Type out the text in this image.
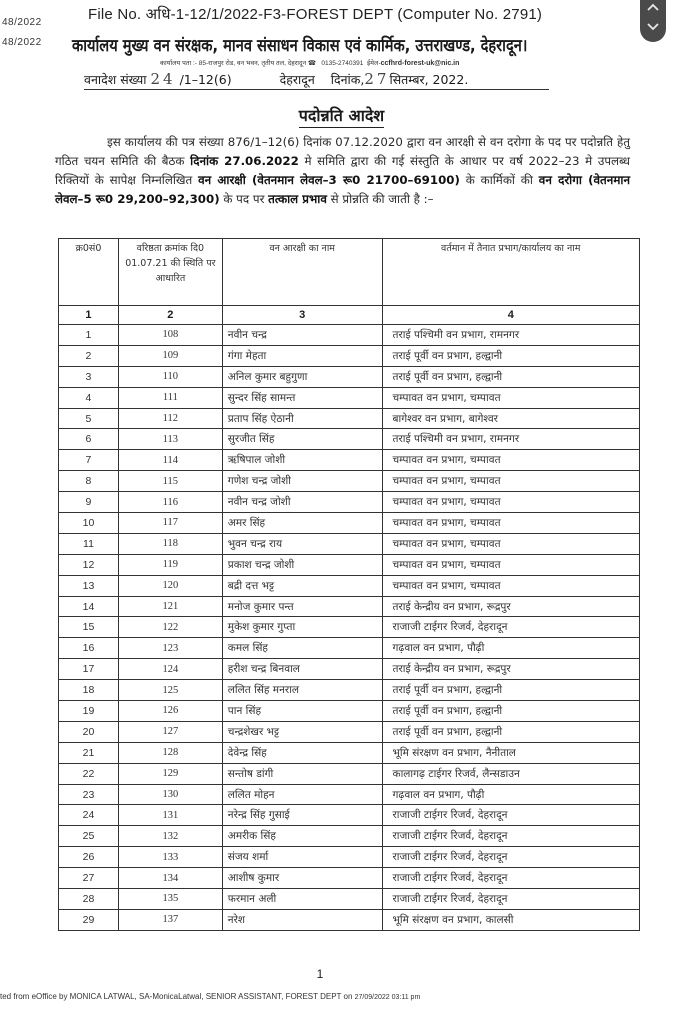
48/2022
48/2022
File No. अधि-1-12/1/2022-F3-FOREST DEPT (Computer No. 2791)
कार्यालय मुख्य वन संरक्षक, मानव संसाधन विकास एवं कार्मिक, उत्तराखण्ड, देहरादून।
कार्यालय पता :- 85-राजपुर रोड, वन भवन, तृतीय तल, देहरादून ☎ 0135-2740391 ईमेल-ccfhrd-forest-uk@nic.in
वनादेश संख्या 24 /1–12(6)	देहरादून दिनांक,27सितम्बर, 2022.
पदोन्नति आदेश
इस कार्यालय की पत्र संख्या 876/1–12(6) दिनांक 07.12.2020 द्वारा वन आरक्षी से वन दरोगा के पद पर पदोन्नति हेतु गठित चयन समिति की बैठक दिनांक 27.06.2022 मे समिति द्वारा की गई संस्तुति के आधार पर वर्ष 2022–23 मे उपलब्ध रिक्तियों के सापेक्ष निम्नलिखित वन आरक्षी (वेतनमान लेवल–3 रू0 21700–69100) के कार्मिकों की वन दरोगा (वेतनमान लेवल–5 रू0 29,200–92,300) के पद पर तत्काल प्रभाव से प्रोन्नति की जाती है :–
क्र0सं0	वरिष्ठता क्रमांक दि0 01.07.21 की स्थिति पर आधारित	वन आरक्षी का नाम	वर्तमान में तैनात प्रभाग/कार्यालय का नाम
1	2	3	4
1	108	नवीन चन्द्र	तराई पश्चिमी वन प्रभाग, रामनगर
2	109	गंगा मेहता	तराई पूर्वी वन प्रभाग, हल्द्वानी
3	110	अनिल कुमार बहुगुणा	तराई पूर्वी वन प्रभाग, हल्द्वानी
4	111	सुन्दर सिंह सामन्त	चम्पावत वन प्रभाग, चम्पावत
5	112	प्रताप सिंह ऐठानी	बागेश्वर वन प्रभाग, बागेश्वर
6	113	सुरजीत सिंह	तराई पश्चिमी वन प्रभाग, रामनगर
7	114	ऋषिपाल जोशी	चम्पावत वन प्रभाग, चम्पावत
8	115	गणेश चन्द्र जोशी	चम्पावत वन प्रभाग, चम्पावत
9	116	नवीन चन्द्र जोशी	चम्पावत वन प्रभाग, चम्पावत
10	117	अमर सिंह	चम्पावत वन प्रभाग, चम्पावत
11	118	भुवन चन्द्र राय	चम्पावत वन प्रभाग, चम्पावत
12	119	प्रकाश चन्द्र जोशी	चम्पावत वन प्रभाग, चम्पावत
13	120	बद्री दत्त भट्ट	चम्पावत वन प्रभाग, चम्पावत
14	121	मनोज कुमार पन्त	तराई केन्द्रीय वन प्रभाग, रूद्रपुर
15	122	मुकेश कुमार गुप्ता	राजाजी टाईगर रिजर्व, देहरादून
16	123	कमल सिंह	गढ़वाल वन प्रभाग, पौढ़ी
17	124	हरीश चन्द्र बिनवाल	तराई केन्द्रीय वन प्रभाग, रूद्रपुर
18	125	ललित सिंह मनराल	तराई पूर्वी वन प्रभाग, हल्द्वानी
19	126	पान सिंह	तराई पूर्वी वन प्रभाग, हल्द्वानी
20	127	चन्द्रशेखर भट्ट	तराई पूर्वी वन प्रभाग, हल्द्वानी
21	128	देवेन्द्र सिंह	भूमि संरक्षण वन प्रभाग, नैनीताल
22	129	सन्तोष डांगी	कालागढ़ टाईगर रिजर्व, लैन्सडाउन
23	130	ललित मोहन	गढ़वाल वन प्रभाग, पौढ़ी
24	131	नरेन्द्र सिंह गुसाई	राजाजी टाईगर रिजर्व, देहरादून
25	132	अमरीक सिंह	राजाजी टाईगर रिजर्व, देहरादून
26	133	संजय शर्मा	राजाजी टाईगर रिजर्व, देहरादून
27	134	आशीष कुमार	राजाजी टाईगर रिजर्व, देहरादून
28	135	फरमान अली	राजाजी टाईगर रिजर्व, देहरादून
29	137	नरेश	भूमि संरक्षण वन प्रभाग, कालसी
1
ted from eOffice by MONICA LATWAL, SA-MonicaLatwal, SENIOR ASSISTANT, FOREST DEPT on 27/09/2022 03:11 pm
